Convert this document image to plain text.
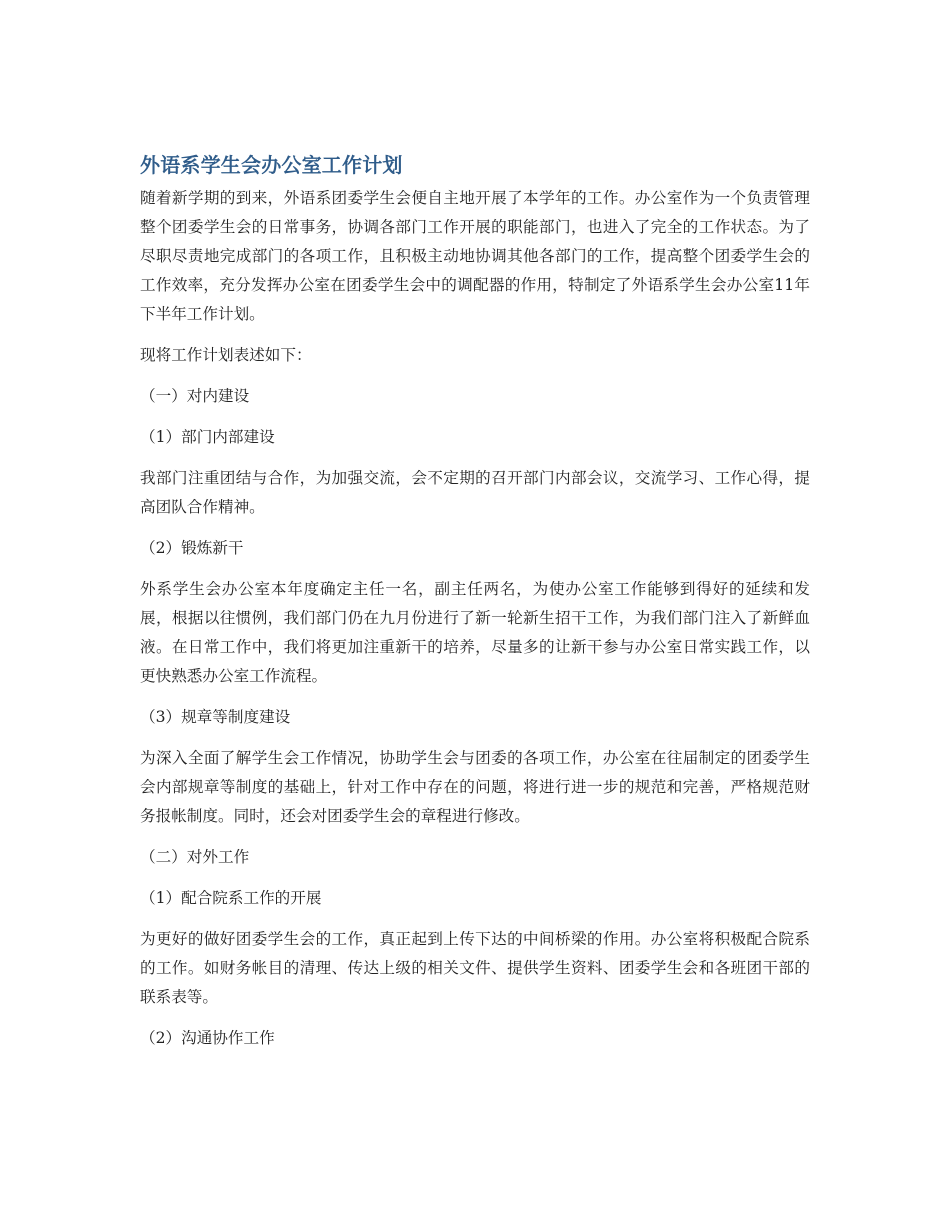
外语系学生会办公室工作计划

随着新学期的到来，外语系团委学生会便自主地开展了本学年的工作。办公室作为一个负责管理整个团委学生会的日常事务，协调各部门工作开展的职能部门，也进入了完全的工作状态。为了尽职尽责地完成部门的各项工作，且积极主动地协调其他各部门的工作，提高整个团委学生会的工作效率，充分发挥办公室在团委学生会中的调配器的作用，特制定了外语系学生会办公室11年下半年工作计划。

现将工作计划表述如下：

（一）对内建设

（1）部门内部建设

我部门注重团结与合作，为加强交流，会不定期的召开部门内部会议，交流学习、工作心得，提高团队合作精神。

（2）锻炼新干

外系学生会办公室本年度确定主任一名，副主任两名，为使办公室工作能够到得好的延续和发展，根据以往惯例，我们部门仍在九月份进行了新一轮新生招干工作，为我们部门注入了新鲜血液。在日常工作中，我们将更加注重新干的培养，尽量多的让新干参与办公室日常实践工作，以更快熟悉办公室工作流程。

（3）规章等制度建设

为深入全面了解学生会工作情况，协助学生会与团委的各项工作，办公室在往届制定的团委学生会内部规章等制度的基础上，针对工作中存在的问题，将进行进一步的规范和完善，严格规范财务报帐制度。同时，还会对团委学生会的章程进行修改。

（二）对外工作

（1）配合院系工作的开展

为更好的做好团委学生会的工作，真正起到上传下达的中间桥梁的作用。办公室将积极配合院系的工作。如财务帐目的清理、传达上级的相关文件、提供学生资料、团委学生会和各班团干部的联系表等。

（2）沟通协作工作
